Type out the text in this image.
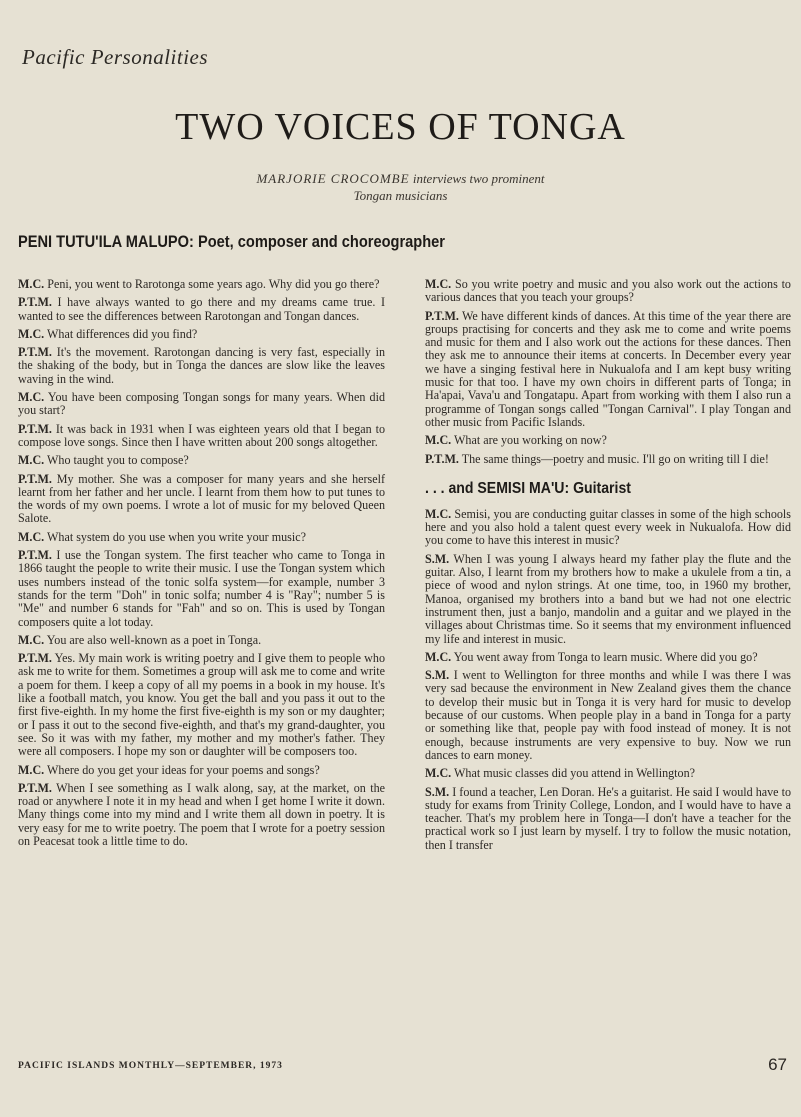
Pacific Personalities
TWO VOICES OF TONGA
MARJORIE CROCOMBE interviews two prominent
Tongan musicians
PENI TUTU'ILA MALUPO: Poet, composer and choreographer

M.C. Peni, you went to Rarotonga some years ago. Why did you go there?

P.T.M. I have always wanted to go there and my dreams came true. I wanted to see the differences between Rarotongan and Tongan dances.

M.C. What differences did you find?

P.T.M. It's the movement. Rarotongan dancing is very fast, especially in the shaking of the body, but in Tonga the dances are slow like the leaves waving in the wind.

M.C. You have been composing Tongan songs for many years. When did you start?

P.T.M. It was back in 1931 when I was eighteen years old that I began to compose love songs. Since then I have written about 200 songs altogether.

M.C. Who taught you to compose?

P.T.M. My mother. She was a composer for many years and she herself learnt from her father and her uncle. I learnt from them how to put tunes to the words of my own poems. I wrote a lot of music for my beloved Queen Salote.

M.C. What system do you use when you write your music?

P.T.M. I use the Tongan system. The first teacher who came to Tonga in 1866 taught the people to write their music. I use the Tongan system which uses numbers instead of the tonic solfa system—for example, number 3 stands for the term "Doh" in tonic solfa; number 4 is "Ray"; number 5 is "Me" and number 6 stands for "Fah" and so on. This is used by Tongan composers quite a lot today.

M.C. You are also well-known as a poet in Tonga.

P.T.M. Yes. My main work is writing poetry and I give them to people who ask me to write for them. Sometimes a group will ask me to come and write a poem for them. I keep a copy of all my poems in a book in my house. It's like a football match, you know. You get the ball and you pass it out to the first five-eighth. In my home the first five-eighth is my son or my daughter; or I pass it out to the second five-eighth, and that's my grand-daughter, you see. So it was with my father, my mother and my mother's father. They were all composers. I hope my son or daughter will be composers too.

M.C. Where do you get your ideas for your poems and songs?

P.T.M. When I see something as I walk along, say, at the market, on the road or anywhere I note it in my head and when I get home I write it down. Many things come into my mind and I write them all down in poetry. It is very easy for me to write poetry. The poem that I wrote for a poetry session on Peacesat took a little time to do.

M.C. So you write poetry and music and you also work out the actions to various dances that you teach your groups?

P.T.M. We have different kinds of dances. At this time of the year there are groups practising for concerts and they ask me to come and write poems and music for them and I also work out the actions for these dances. Then they ask me to announce their items at concerts. In December every year we have a singing festival here in Nukualofa and I am kept busy writing music for that too. I have my own choirs in different parts of Tonga; in Ha'apai, Vava'u and Tongatapu. Apart from working with them I also run a programme of Tongan songs called "Tongan Carnival". I play Tongan and other music from Pacific Islands.

M.C. What are you working on now?

P.T.M. The same things—poetry and music. I'll go on writing till I die!

. . . and SEMISI MA'U: Guitarist

M.C. Semisi, you are conducting guitar classes in some of the high schools here and you also hold a talent quest every week in Nukualofa. How did you come to have this interest in music?

S.M. When I was young I always heard my father play the flute and the guitar. Also, I learnt from my brothers how to make a ukulele from a tin, a piece of wood and nylon strings. At one time, too, in 1960 my brother, Manoa, organised my brothers into a band but we had not one electric instrument then, just a banjo, mandolin and a guitar and we played in the villages about Christmas time. So it seems that my environment influenced my life and interest in music.

M.C. You went away from Tonga to learn music. Where did you go?

S.M. I went to Wellington for three months and while I was there I was very sad because the environment in New Zealand gives them the chance to develop their music but in Tonga it is very hard for music to develop because of our customs. When people play in a band in Tonga for a party or something like that, people pay with food instead of money. It is not enough, because instruments are very expensive to buy. Now we run dances to earn money.

M.C. What music classes did you attend in Wellington?

S.M. I found a teacher, Len Doran. He's a guitarist. He said I would have to study for exams from Trinity College, London, and I would have to have a teacher. That's my problem here in Tonga—I don't have a teacher for the practical work so I just learn by myself. I try to follow the music notation, then I transfer

PACIFIC ISLANDS MONTHLY—SEPTEMBER, 1973	67
